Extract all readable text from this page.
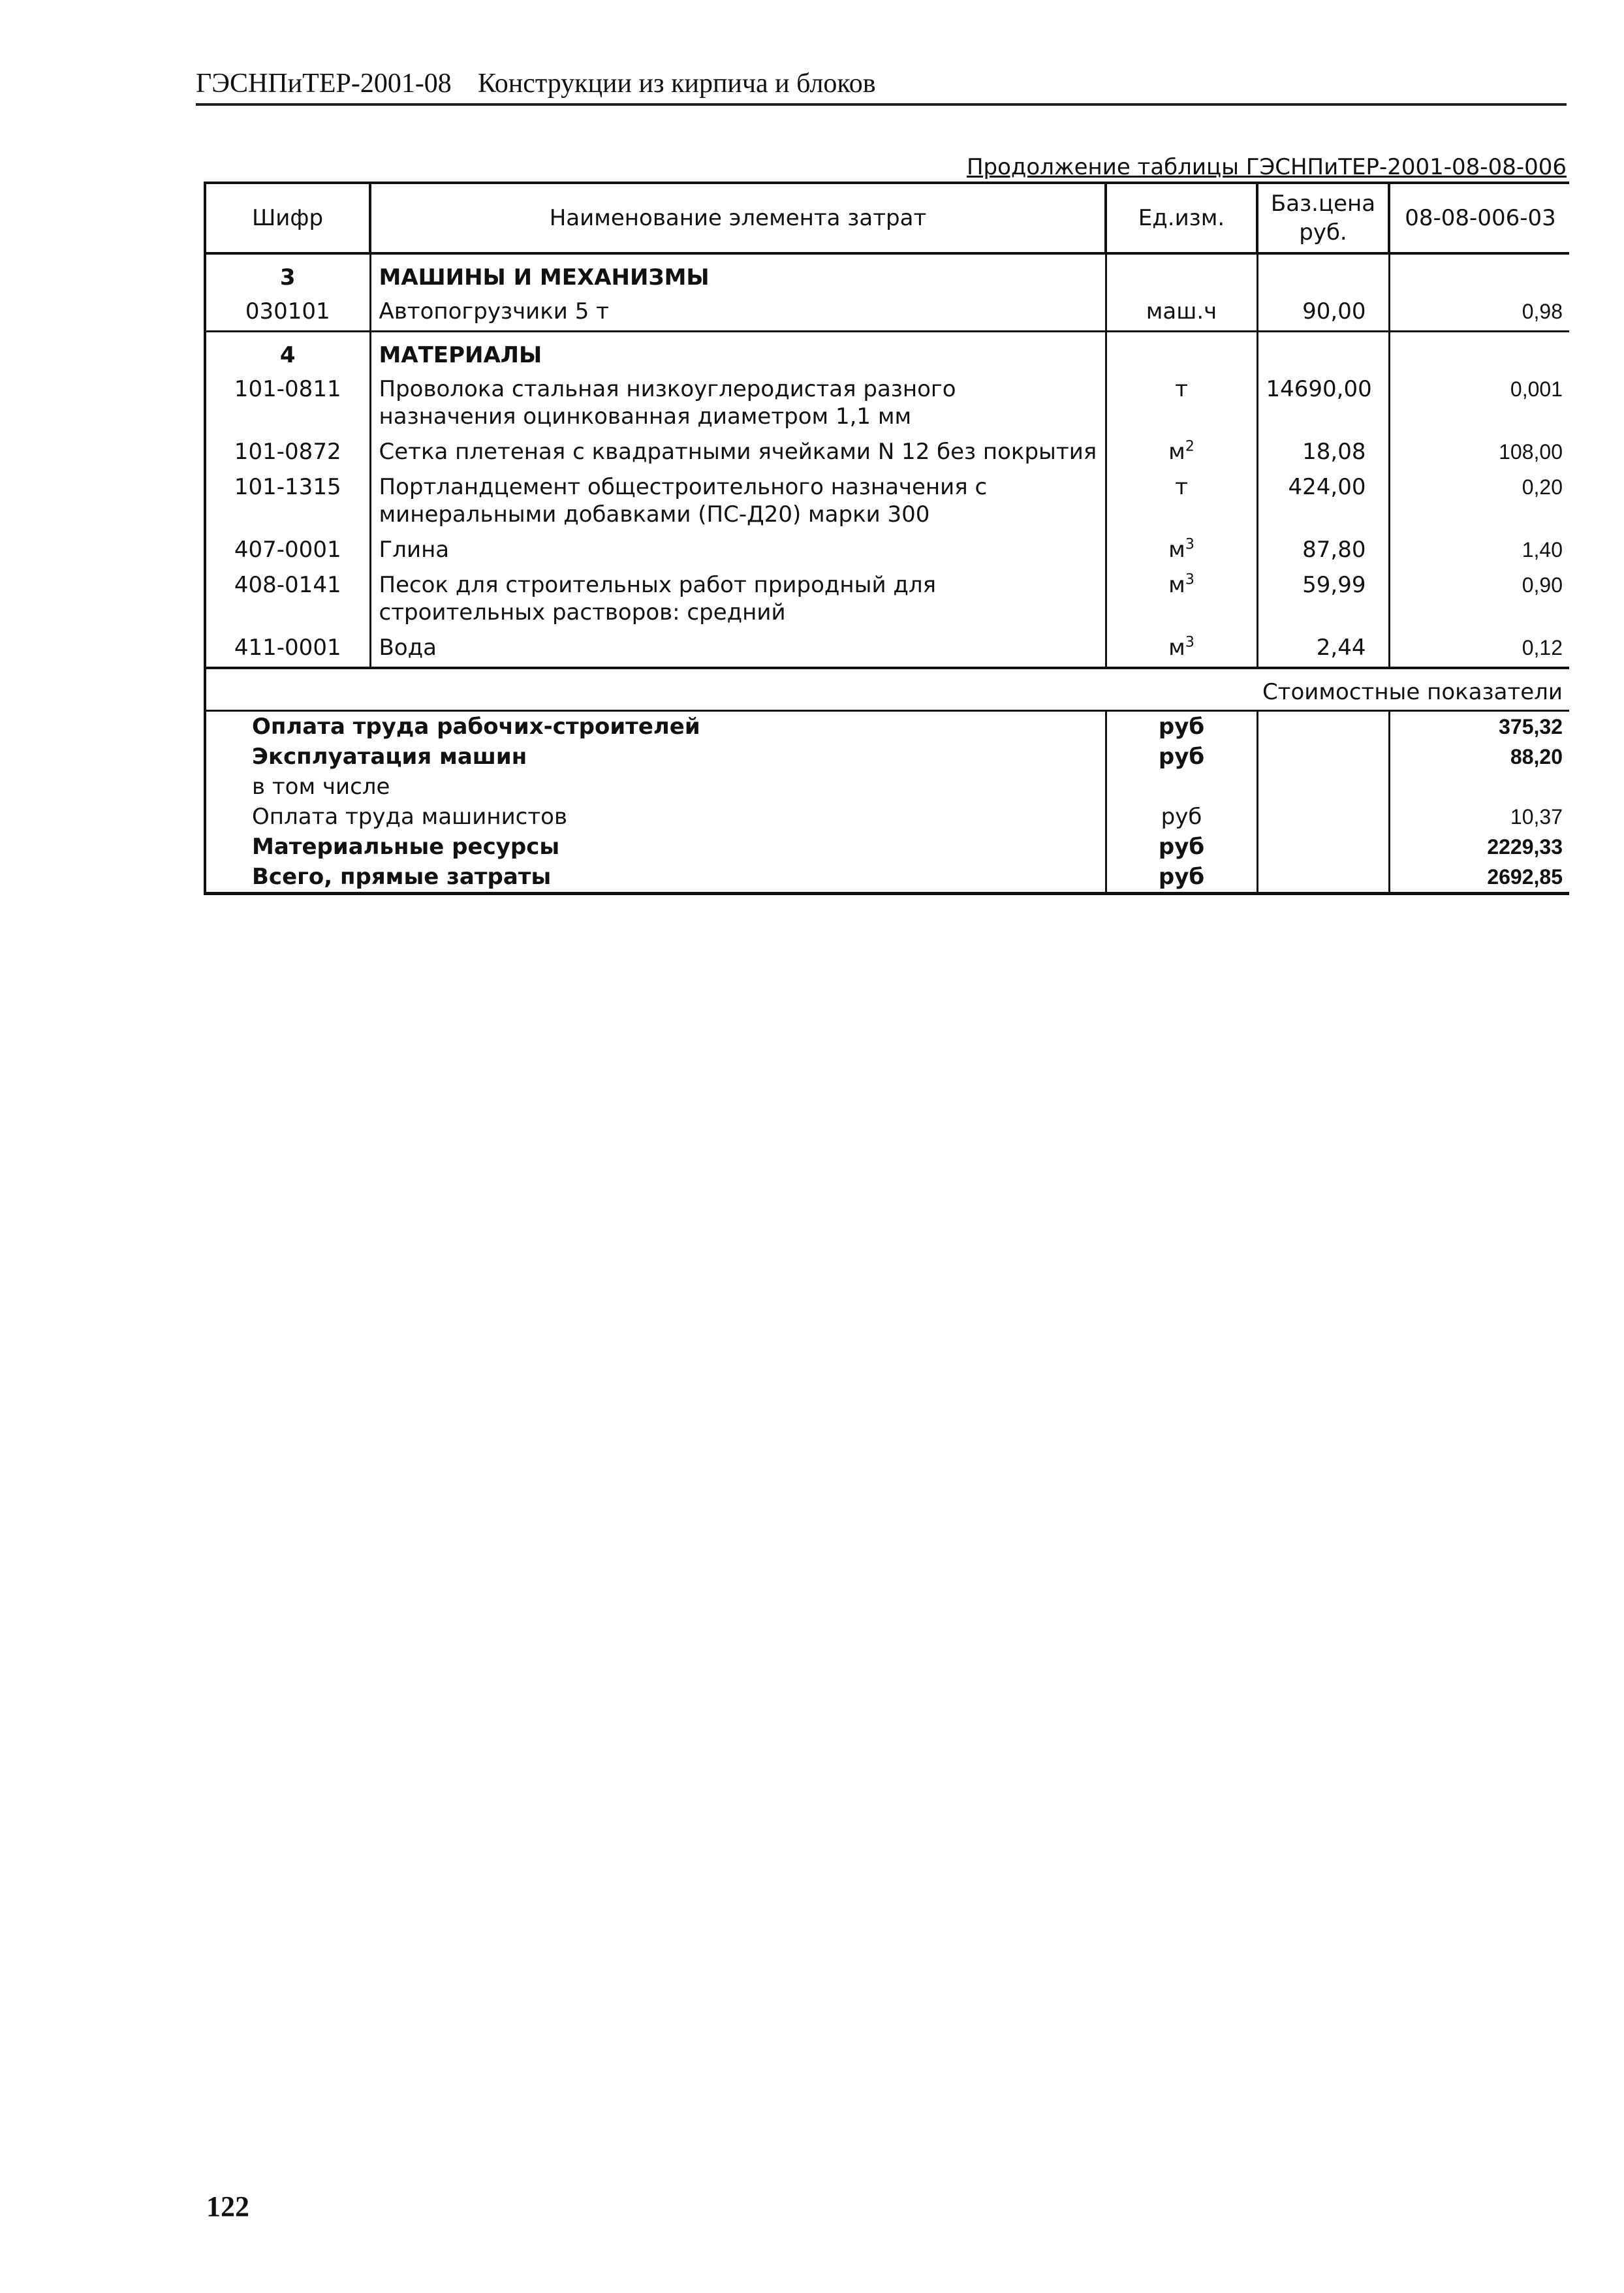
ГЭСНПиТЕР-2001-08 Конструкции из кирпича и блоков
Продолжение таблицы ГЭСНПиТЕР-2001-08-08-006
Шифр	Наименование элемента затрат	Ед.изм.	Баз.цена руб.	08-08-006-03
3	МАШИНЫ И МЕХАНИЗМЫ			
030101	Автопогрузчики 5 т	маш.ч	90,00	0,98
4	МАТЕРИАЛЫ			
101-0811	Проволока стальная низкоуглеродистая разного назначения оцинкованная диаметром 1,1 мм	т	14690,00	0,001
101-0872	Сетка плетеная с квадратными ячейками N 12 без покрытия	$м^2$	18,08	108,00
101-1315	Портландцемент общестроительного назначения с минеральными добавками (ПС-Д20) марки 300	т	424,00	0,20
407-0001	Глина	$м^3$	87,80	1,40
408-0141	Песок для строительных работ природный для строительных растворов: средний	$м^3$	59,99	0,90
411-0001	Вода	$м^3$	2,44	0,12
Стоимостные показатели				
Оплата труда рабочих-строителей		руб		375,32
Эксплуатация машин		руб		88,20
в том числе				
Оплата труда машинистов		руб		10,37
Материальные ресурсы		руб		2229,33
Всего, прямые затраты		руб		2692,85
122
